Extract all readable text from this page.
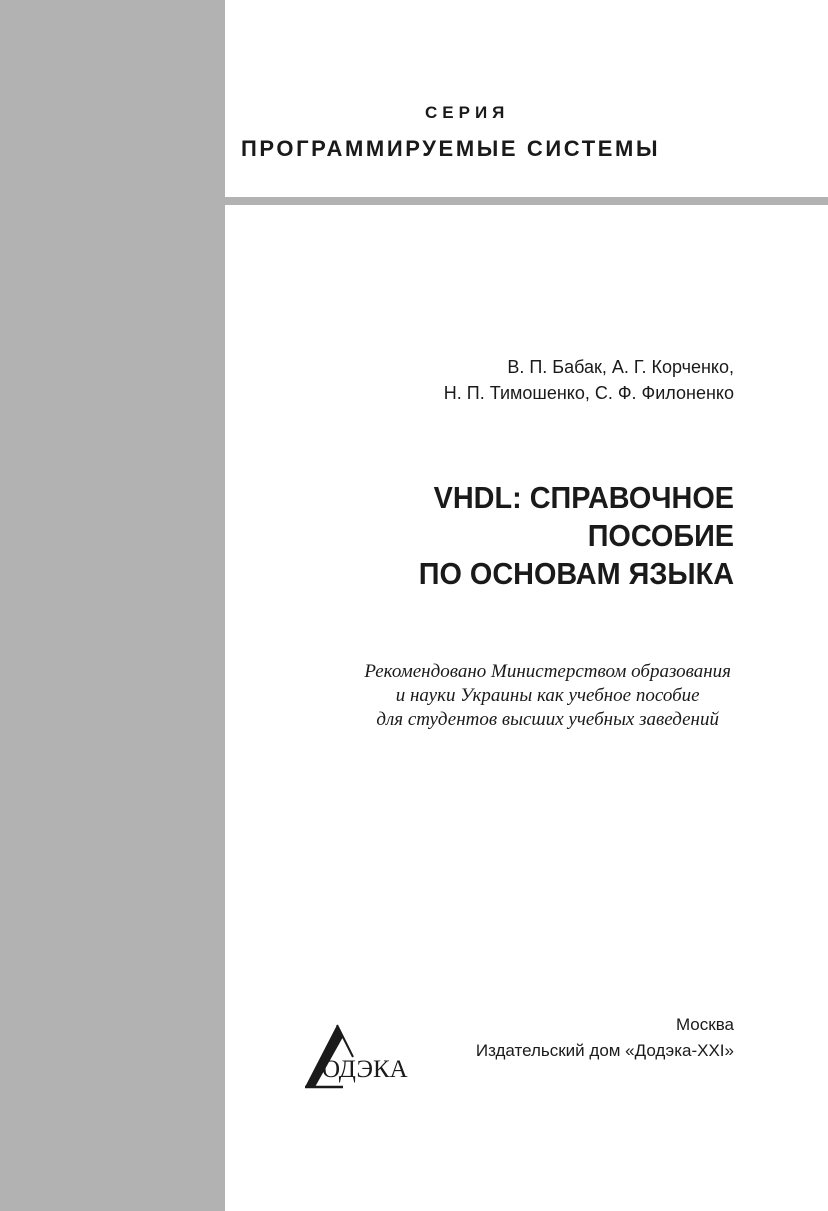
СЕРИЯ
ПРОГРАММИРУЕМЫЕ СИСТЕМЫ
В. П. Бабак, А. Г. Корченко,
Н. П. Тимошенко, С. Ф. Филоненко
VHDL: СПРАВОЧНОЕ
ПОСОБИЕ
ПО ОСНОВАМ ЯЗЫКА
Рекомендовано Министерством образования
и науки Украины как учебное пособие
для студентов высших учебных заведений
Москва
Издательский дом «Додэка-XXI»
ОДЭКА
